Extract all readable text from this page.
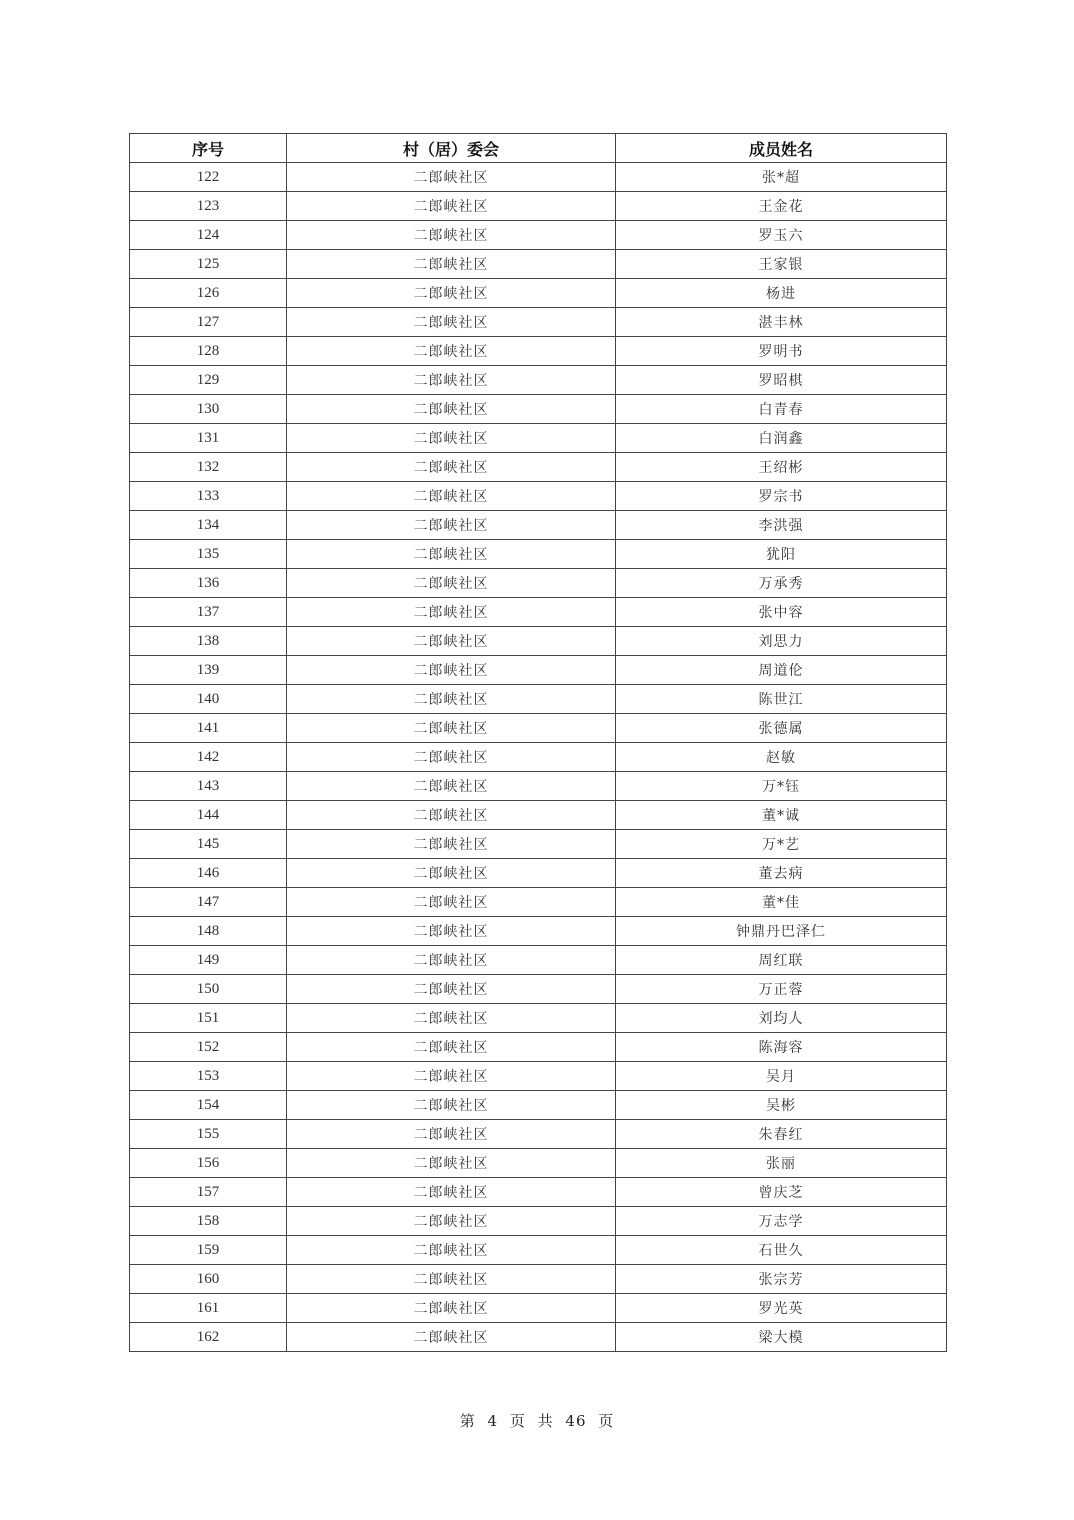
序号	村（居）委会	成员姓名
122	二郎峡社区	张*超
123	二郎峡社区	王金花
124	二郎峡社区	罗玉六
125	二郎峡社区	王家银
126	二郎峡社区	杨进
127	二郎峡社区	湛丰林
128	二郎峡社区	罗明书
129	二郎峡社区	罗昭棋
130	二郎峡社区	白青春
131	二郎峡社区	白润鑫
132	二郎峡社区	王绍彬
133	二郎峡社区	罗宗书
134	二郎峡社区	李洪强
135	二郎峡社区	犹阳
136	二郎峡社区	万承秀
137	二郎峡社区	张中容
138	二郎峡社区	刘思力
139	二郎峡社区	周道伦
140	二郎峡社区	陈世江
141	二郎峡社区	张德属
142	二郎峡社区	赵敏
143	二郎峡社区	万*钰
144	二郎峡社区	董*诚
145	二郎峡社区	万*艺
146	二郎峡社区	董去病
147	二郎峡社区	董*佳
148	二郎峡社区	钟鼎丹巴泽仁
149	二郎峡社区	周红联
150	二郎峡社区	万正蓉
151	二郎峡社区	刘均人
152	二郎峡社区	陈海容
153	二郎峡社区	吴月
154	二郎峡社区	吴彬
155	二郎峡社区	朱春红
156	二郎峡社区	张丽
157	二郎峡社区	曾庆芝
158	二郎峡社区	万志学
159	二郎峡社区	石世久
160	二郎峡社区	张宗芳
161	二郎峡社区	罗光英
162	二郎峡社区	梁大模
第 4 页 共 46 页
